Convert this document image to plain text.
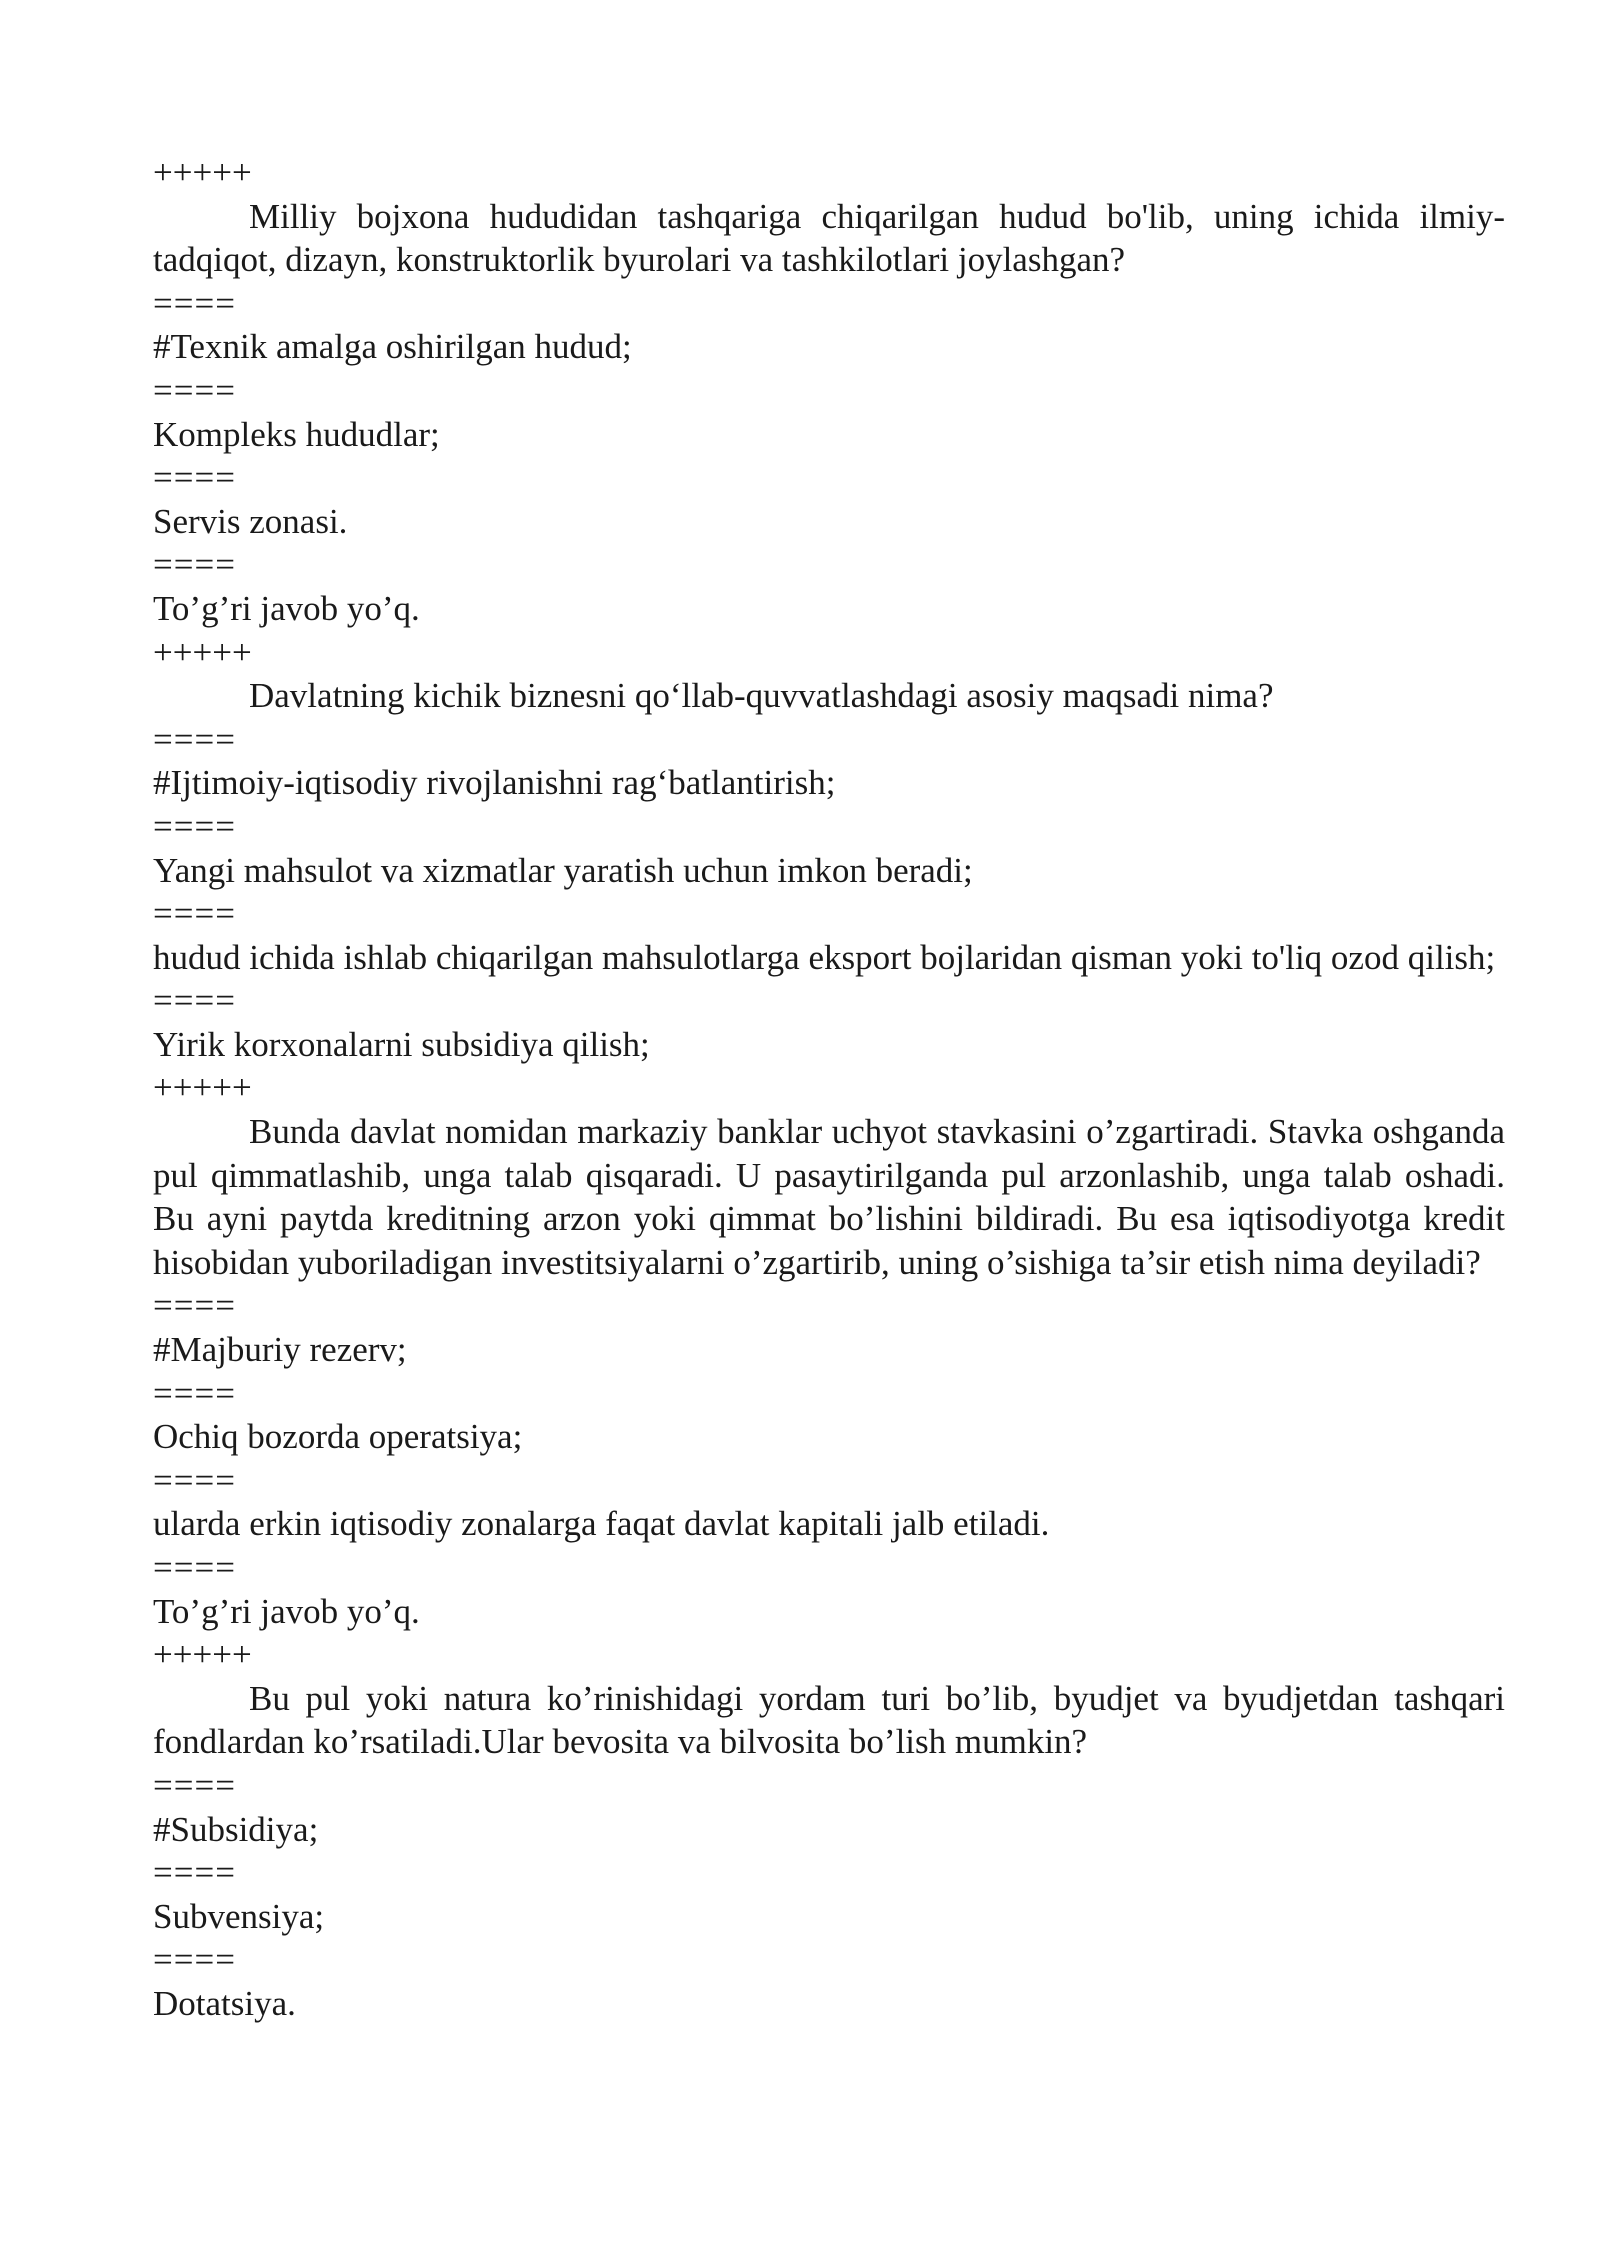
+++++
Milliy bojxona hududidan tashqariga chiqarilgan hudud bo'lib, uning ichida ilmiy-tadqiqot, dizayn, konstruktorlik byurolari va tashkilotlari joylashgan?
====
#Texnik amalga oshirilgan hudud;
====
Kompleks hududlar;
====
Servis zonasi.
====
To’g’ri javob yo’q.
+++++
Davlatning kichik biznesni qo‘llab-quvvatlashdagi asosiy maqsadi nima?
====
#Ijtimoiy-iqtisodiy rivojlanishni rag‘batlantirish;
====
Yangi mahsulot va xizmatlar yaratish uchun imkon beradi;
====
hudud ichida ishlab chiqarilgan mahsulotlarga eksport bojlaridan qisman yoki to'liq ozod qilish;
====
Yirik korxonalarni subsidiya qilish;
+++++
Bunda davlat nomidan markaziy banklar uchyot stavkasini o’zgartiradi. Stavka oshganda pul qimmatlashib, unga talab qisqaradi. U pasaytirilganda pul arzonlashib, unga talab oshadi. Bu ayni paytda kreditning arzon yoki qimmat bo’lishini bildiradi. Bu esa iqtisodiyotga kredit hisobidan yuboriladigan investitsiyalarni o’zgartirib, uning o’sishiga ta’sir etish nima deyiladi?
====
#Majburiy rezerv;
====
Ochiq bozorda operatsiya;
====
ularda erkin iqtisodiy zonalarga faqat davlat kapitali jalb etiladi.
====
To’g’ri javob yo’q.
+++++
Bu pul yoki natura ko’rinishidagi yordam turi bo’lib, byudjet va byudjetdan tashqari fondlardan ko’rsatiladi.Ular bevosita va bilvosita bo’lish mumkin?
====
#Subsidiya;
====
Subvensiya;
====
Dotatsiya.
